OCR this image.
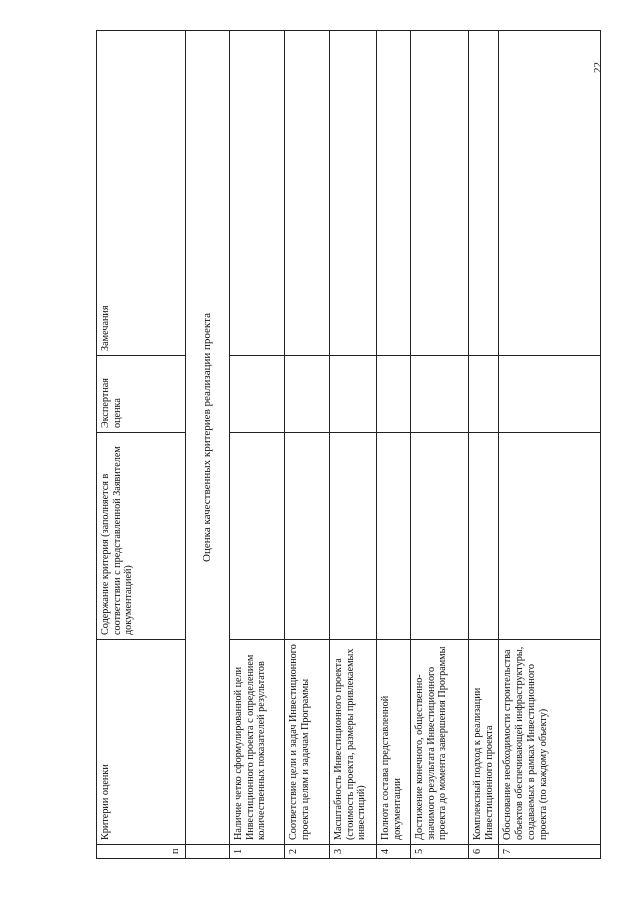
22
п	Критерии оценки	Содержание критерия (заполняется в соответствии с представленной Заявителем документацией)	Экспертная оценка	Замечания
	Оценка качественных критериев реализации проекта			
1	Наличие четко сформулированной цели Инвестиционного проекта с определением количественных показателей результатов			
2	Соответствие цели и задач Инвестиционного проекта целям и задачам Программы			
3	Масштабность Инвестиционного проекта (стоимость проекта, размеры привлекаемых инвестиций)			
4	Полнота состава представленной документации			
5	Достижение конечного, общественно-значимого результата Инвестиционного проекта до момента завершения Программы			
6	Комплексный подход к реализации Инвестиционного проекта			
7	Обоснование необходимости строительства объектов обеспечивающей инфраструктуры, создаваемых в рамках Инвестиционного проекта (по каждому объекту)			
